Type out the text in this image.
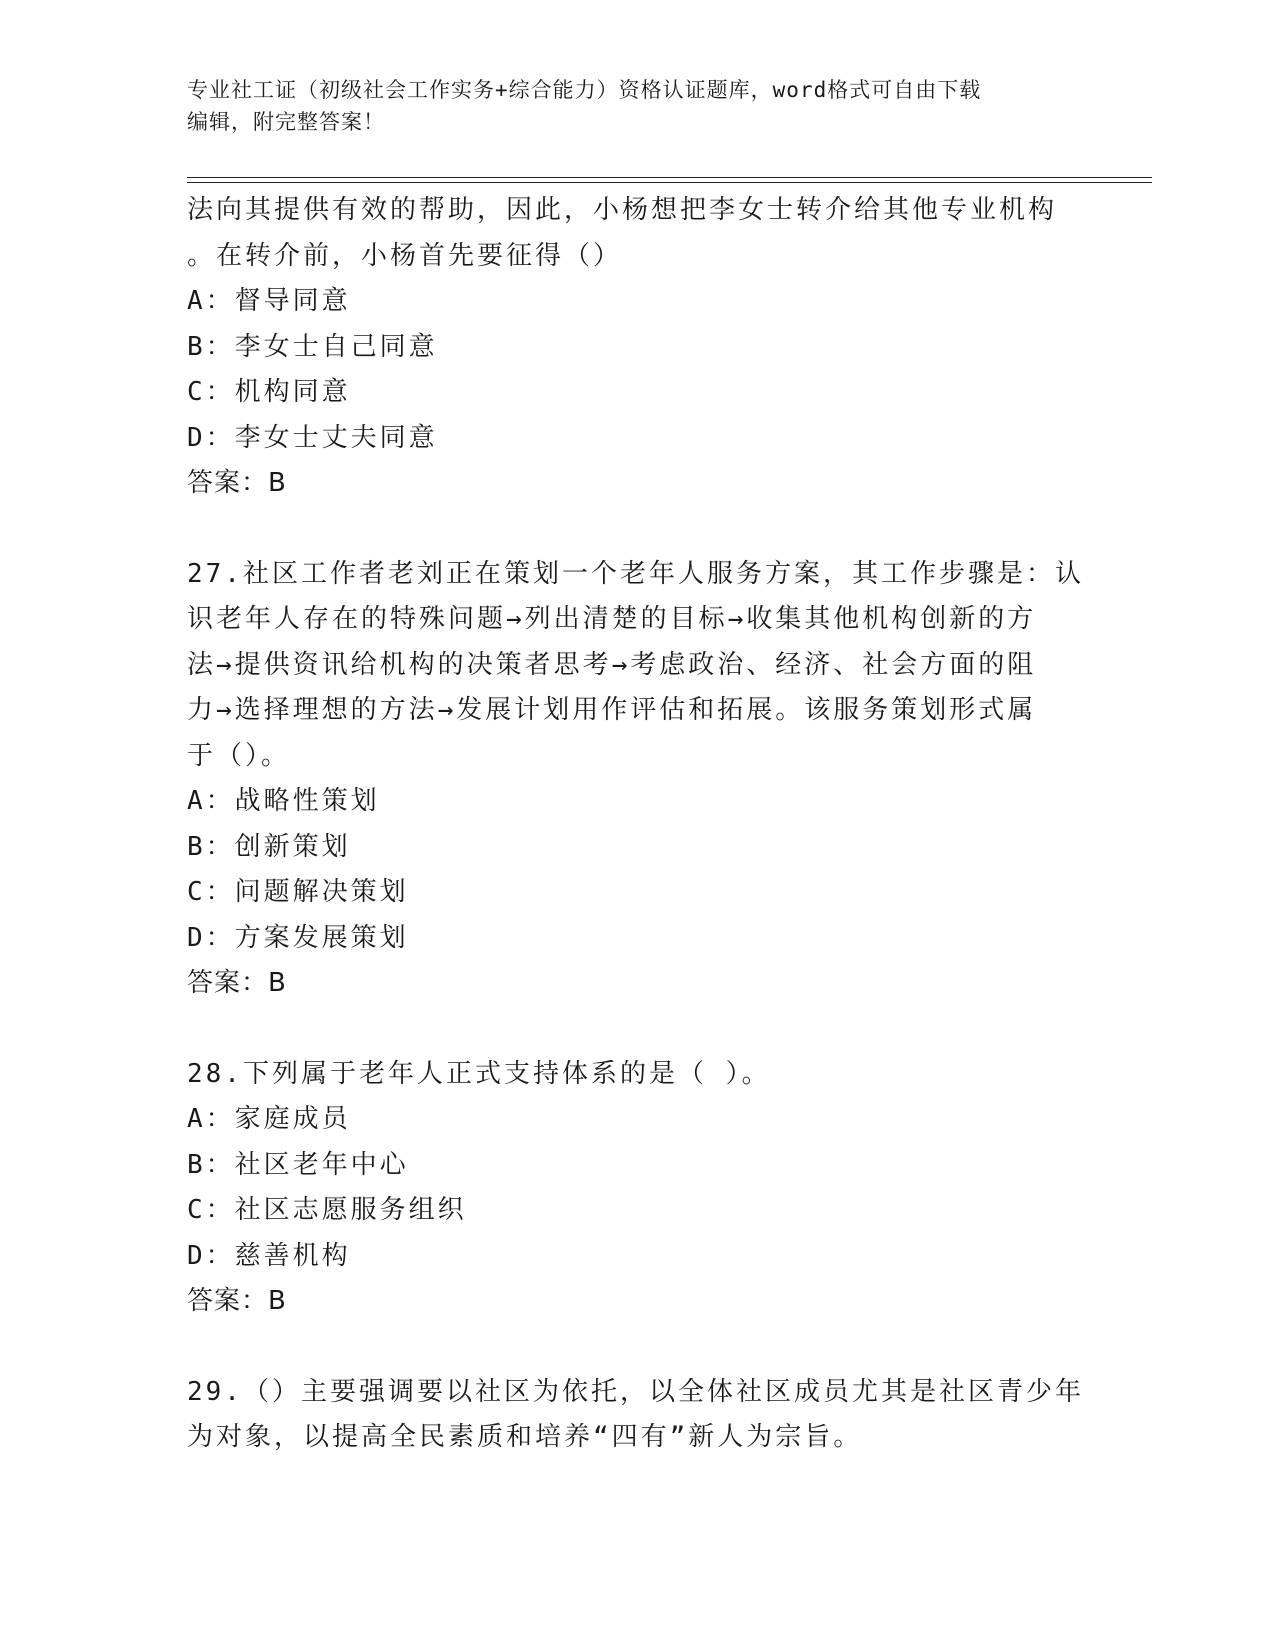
专业社工证（初级社会工作实务+综合能力）资格认证题库，word格式可自由下载
编辑，附完整答案！
法向其提供有效的帮助，因此，小杨想把李女士转介给其他专业机构
。在转介前，小杨首先要征得（）
A：督导同意
B：李女士自己同意
C：机构同意
D：李女士丈夫同意
答案：B
27.社区工作者老刘正在策划一个老年人服务方案，其工作步骤是：认
识老年人存在的特殊问题→列出清楚的目标→收集其他机构创新的方
法→提供资讯给机构的决策者思考→考虑政治、经济、社会方面的阻
力→选择理想的方法→发展计划用作评估和拓展。该服务策划形式属
于（）。
A：战略性策划
B：创新策划
C：问题解决策划
D：方案发展策划
答案：B
28.下列属于老年人正式支持体系的是（ ）。
A：家庭成员
B：社区老年中心
C：社区志愿服务组织
D：慈善机构
答案：B
29.（）主要强调要以社区为依托，以全体社区成员尤其是社区青少年
为对象，以提高全民素质和培养“四有”新人为宗旨。
